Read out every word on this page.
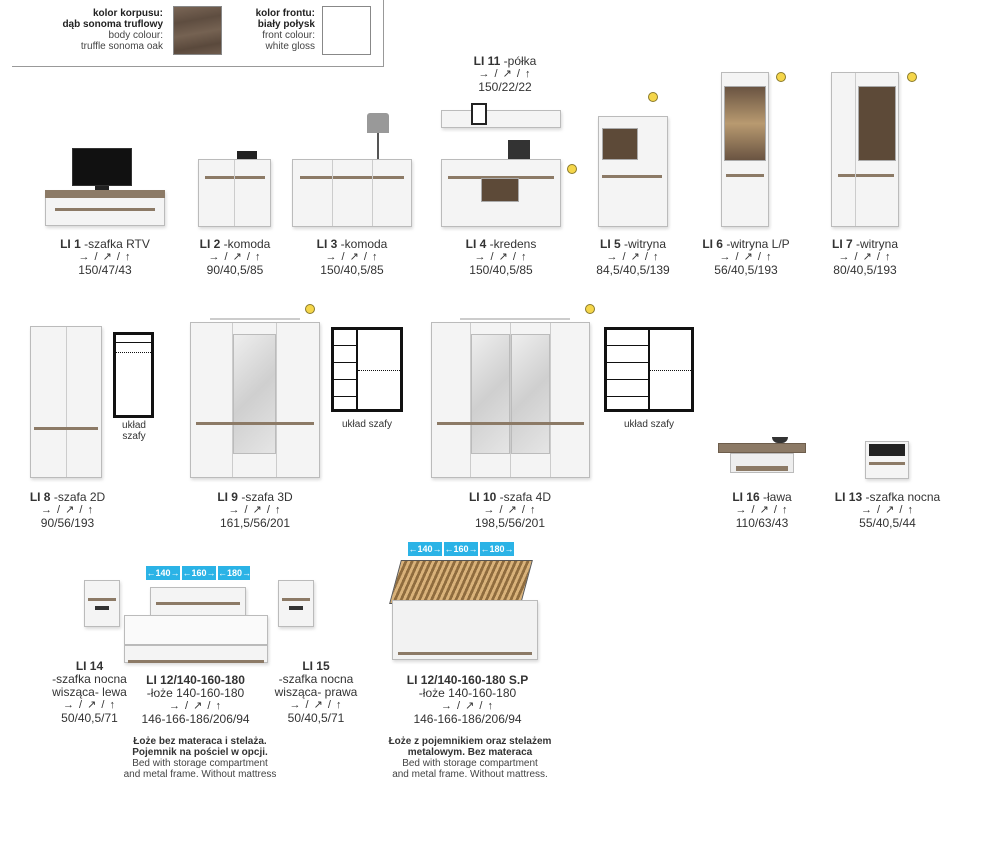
kolor korpusu:
dąb sonoma truflowy
body colour:
truffle sonoma oak
kolor frontu:
biały połysk
front colour:
white gloss
LI 11 -półka
→ / ↗ / ↑
150/22/22
LI 1 -szafka RTV
→ / ↗ / ↑
150/47/43
LI 2 -komoda
→ / ↗ / ↑
90/40,5/85
LI 3 -komoda
→ / ↗ / ↑
150/40,5/85
LI 4 -kredens
→ / ↗ / ↑
150/40,5/85
LI 5 -witryna
→ / ↗ / ↑
84,5/40,5/139
LI 6 -witryna L/P
→ / ↗ / ↑
56/40,5/193
LI 7 -witryna
→ / ↗ / ↑
80/40,5/193
układ
szafy
układ szafy	układ szafy
LI 8 -szafa 2D
→ / ↗ / ↑
90/56/193
LI 9 -szafa 3D
→ / ↗ / ↑
161,5/56/201
LI 10 -szafa 4D
→ / ↗ / ↑
198,5/56/201
LI 16 -ława
→ / ↗ / ↑
110/63/43
LI 13 -szafka nocna
→ / ↗ / ↑
55/40,5/44
←140→ ←160→ ←180→
←140→ ←160→ ←180→
LI 14
-szafka nocna
wisząca- lewa
→ / ↗ / ↑
50/40,5/71
LI 12/140-160-180
-łoże 140-160-180
→ / ↗ / ↑
146-166-186/206/94
LI 15
-szafka nocna
wisząca- prawa
→ / ↗ / ↑
50/40,5/71
LI 12/140-160-180 S.P
-łoże 140-160-180
→ / ↗ / ↑
146-166-186/206/94
Łoże bez materaca i stelaża.
Pojemnik na pościel w opcji.
Bed with storage compartment
and metal frame. Without mattress
Łoże z pojemnikiem oraz stelażem
metalowym. Bez materaca
Bed with storage compartment
and metal frame. Without mattress.
